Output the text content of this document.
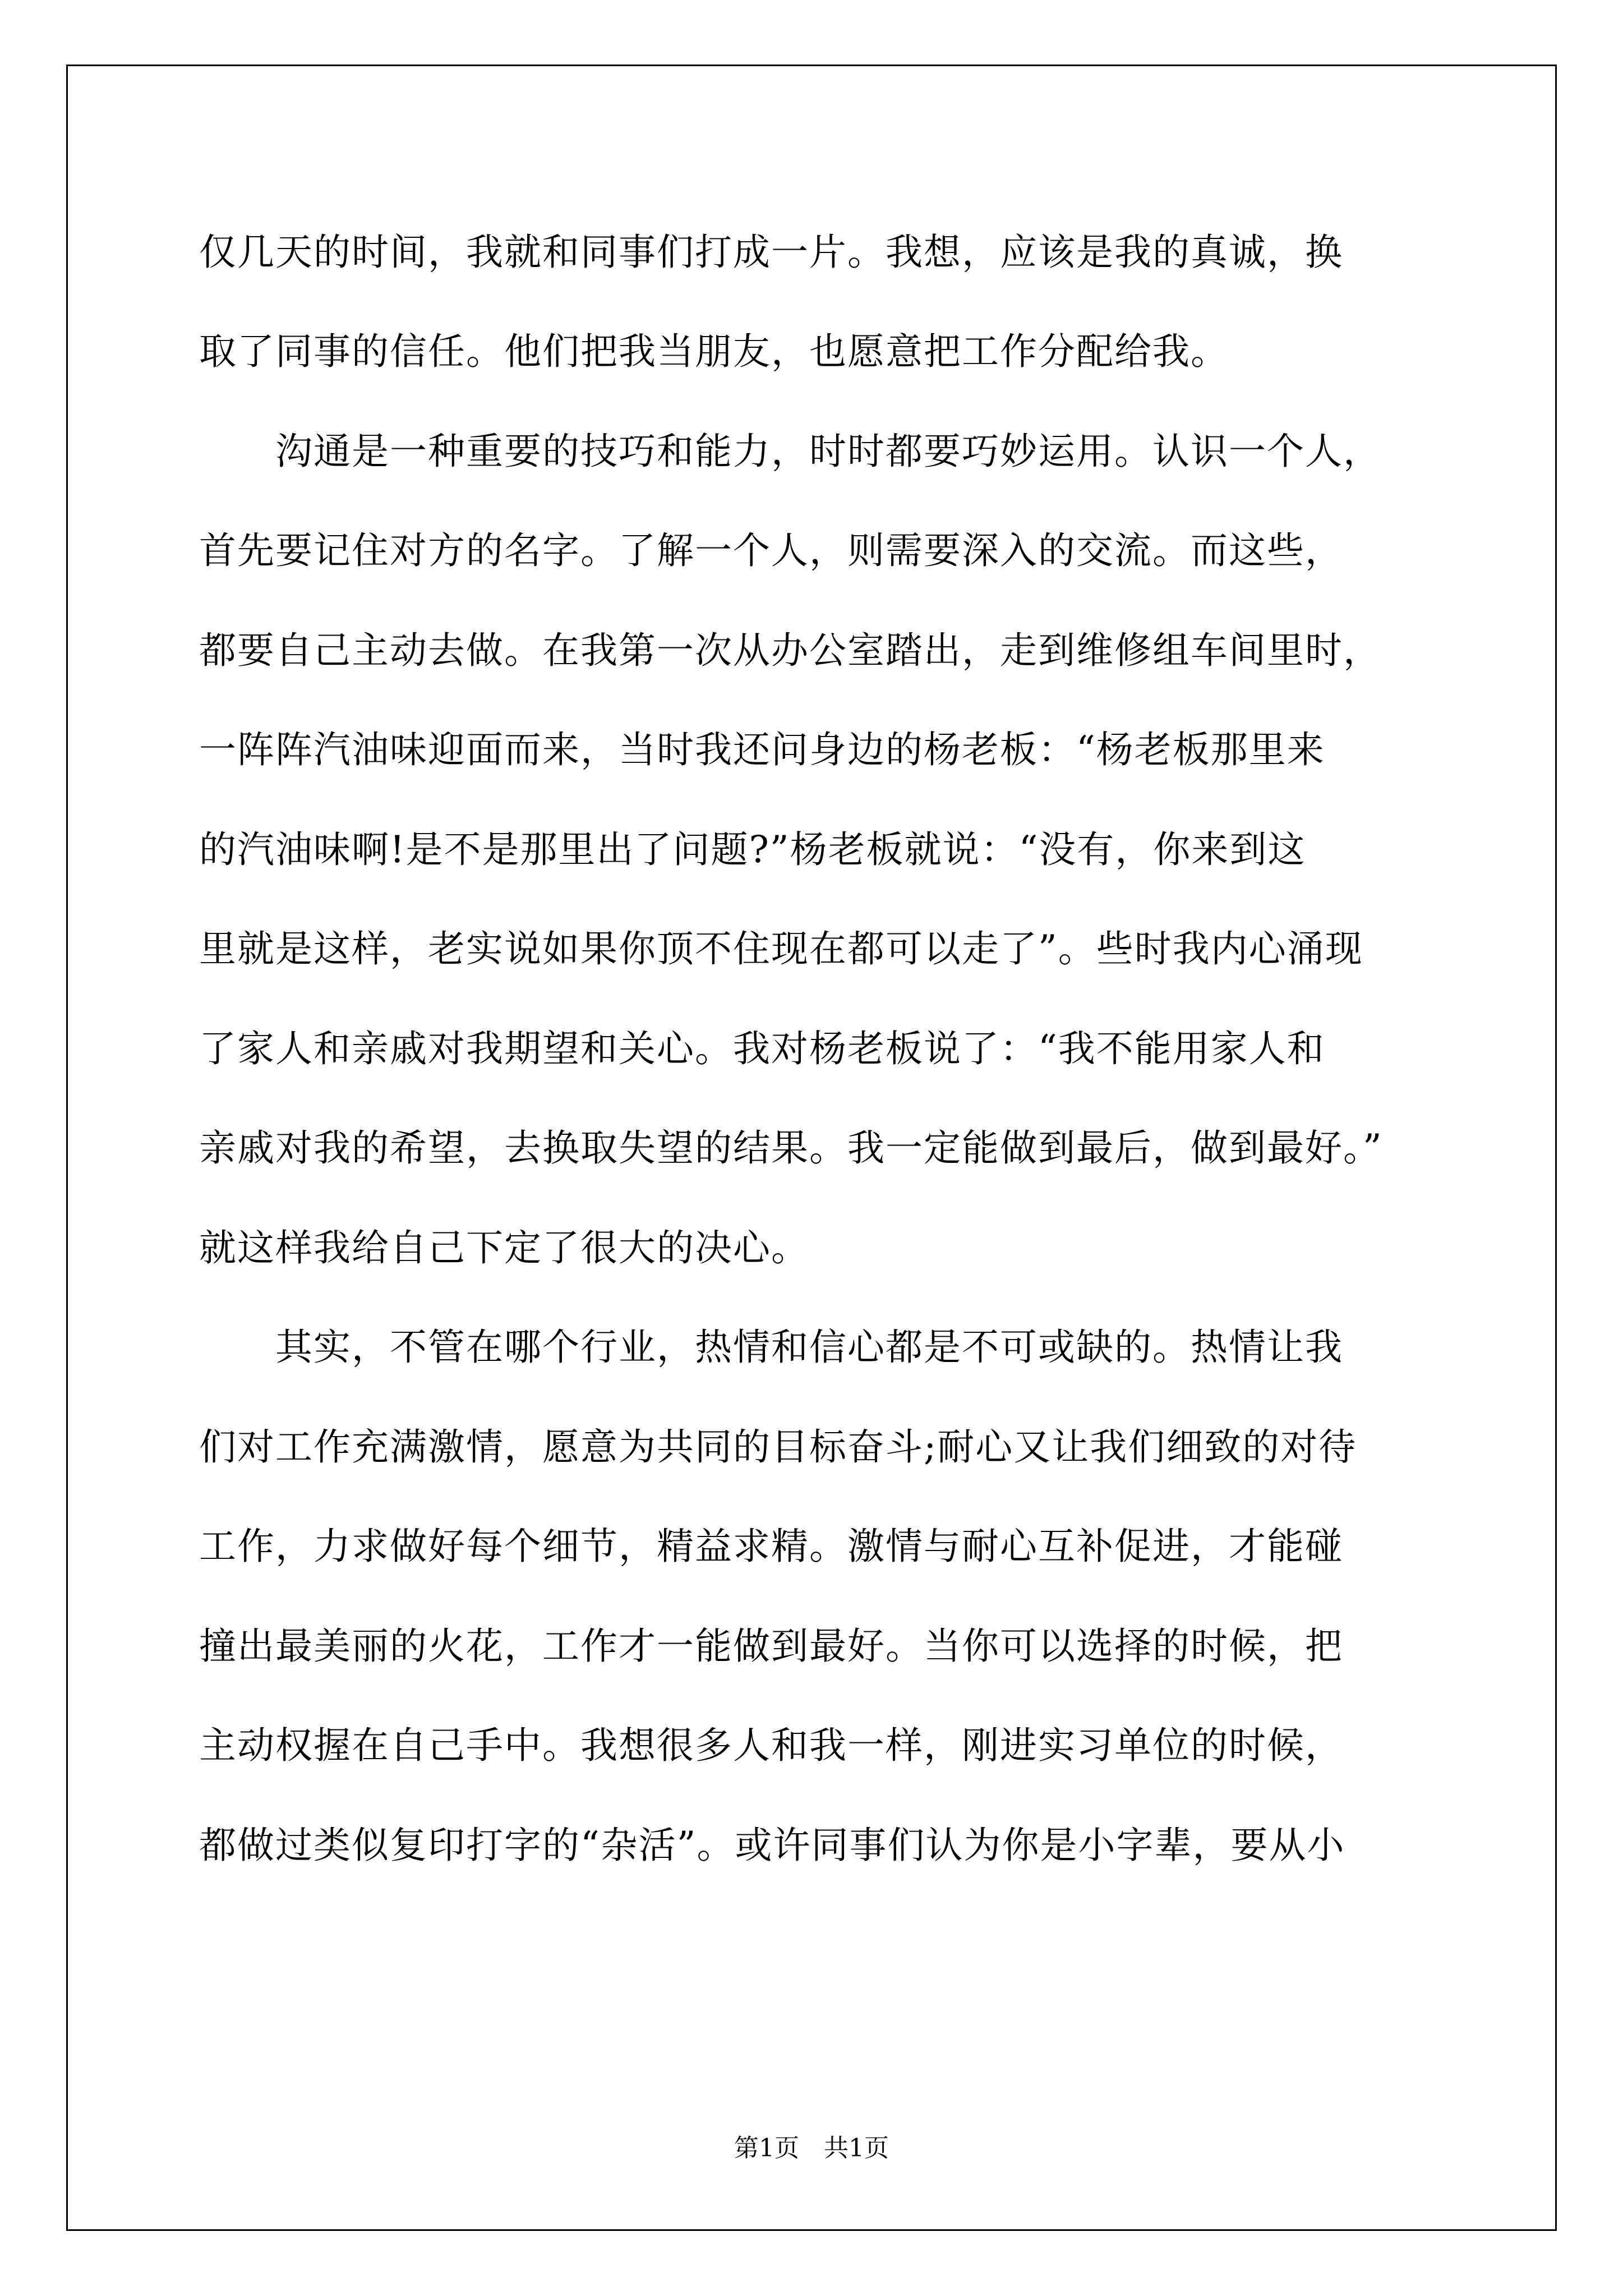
仅几天的时间，我就和同事们打成一片。我想，应该是我的真诚，换
取了同事的信任。他们把我当朋友，也愿意把工作分配给我。
　　沟通是一种重要的技巧和能力，时时都要巧妙运用。认识一个人，
首先要记住对方的名字。了解一个人，则需要深入的交流。而这些，
都要自己主动去做。在我第一次从办公室踏出，走到维修组车间里时，
一阵阵汽油味迎面而来，当时我还问身边的杨老板：“杨老板那里来
的汽油味啊!是不是那里出了问题?”杨老板就说：“没有，你来到这
里就是这样，老实说如果你顶不住现在都可以走了”。些时我内心涌现
了家人和亲戚对我期望和关心。我对杨老板说了：“我不能用家人和
亲戚对我的希望，去换取失望的结果。我一定能做到最后，做到最好。”
就这样我给自己下定了很大的决心。
　　其实，不管在哪个行业，热情和信心都是不可或缺的。热情让我
们对工作充满激情，愿意为共同的目标奋斗;耐心又让我们细致的对待
工作，力求做好每个细节，精益求精。激情与耐心互补促进，才能碰
撞出最美丽的火花，工作才一能做到最好。当你可以选择的时候，把
主动权握在自己手中。我想很多人和我一样，刚进实习单位的时候，
都做过类似复印打字的“杂活”。或许同事们认为你是小字辈，要从小
第1页 共1页
